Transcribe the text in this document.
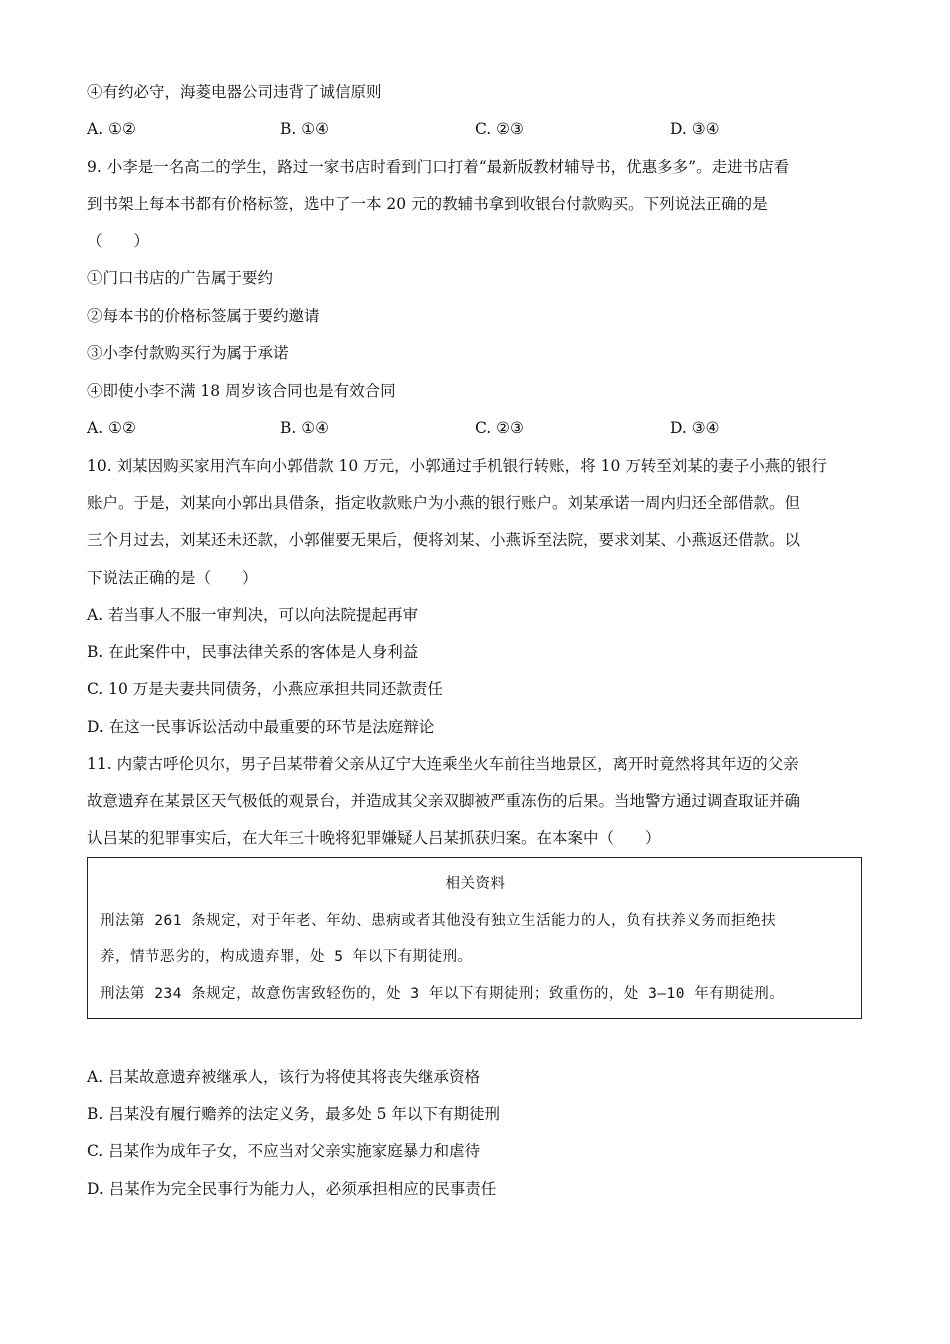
④有约必守，海菱电器公司违背了诚信原则
A. ①②	B. ①④	C. ②③	D. ③④
9. 小李是一名高二的学生，路过一家书店时看到门口打着“最新版教材辅导书，优惠多多”。走进书店看
到书架上每本书都有价格标签，选中了一本 20 元的教辅书拿到收银台付款购买。下列说法正确的是
（　　）
①门口书店的广告属于要约
②每本书的价格标签属于要约邀请
③小李付款购买行为属于承诺
④即使小李不满 18 周岁该合同也是有效合同
A. ①②	B. ①④	C. ②③	D. ③④
10. 刘某因购买家用汽车向小郭借款 10 万元，小郭通过手机银行转账，将 10 万转至刘某的妻子小燕的银行
账户。于是，刘某向小郭出具借条，指定收款账户为小燕的银行账户。刘某承诺一周内归还全部借款。但
三个月过去，刘某还未还款，小郭催要无果后，便将刘某、小燕诉至法院，要求刘某、小燕返还借款。以
下说法正确的是（　　）
A. 若当事人不服一审判决，可以向法院提起再审
B. 在此案件中，民事法律关系的客体是人身利益
C. 10 万是夫妻共同债务，小燕应承担共同还款责任
D. 在这一民事诉讼活动中最重要的环节是法庭辩论
11. 内蒙古呼伦贝尔，男子吕某带着父亲从辽宁大连乘坐火车前往当地景区，离开时竟然将其年迈的父亲
故意遗弃在某景区天气极低的观景台，并造成其父亲双脚被严重冻伤的后果。当地警方通过调查取证并确
认吕某的犯罪事实后，在大年三十晚将犯罪嫌疑人吕某抓获归案。在本案中（　　）
相关资料
刑法第 261 条规定，对于年老、年幼、患病或者其他没有独立生活能力的人，负有扶养义务而拒绝扶
养，情节恶劣的，构成遗弃罪，处 5 年以下有期徒刑。
刑法第 234 条规定，故意伤害致轻伤的，处 3 年以下有期徒刑；致重伤的，处 3—10 年有期徒刑。
A. 吕某故意遗弃被继承人，该行为将使其将丧失继承资格
B. 吕某没有履行赡养的法定义务，最多处 5 年以下有期徒刑
C. 吕某作为成年子女，不应当对父亲实施家庭暴力和虐待
D. 吕某作为完全民事行为能力人，必须承担相应的民事责任
